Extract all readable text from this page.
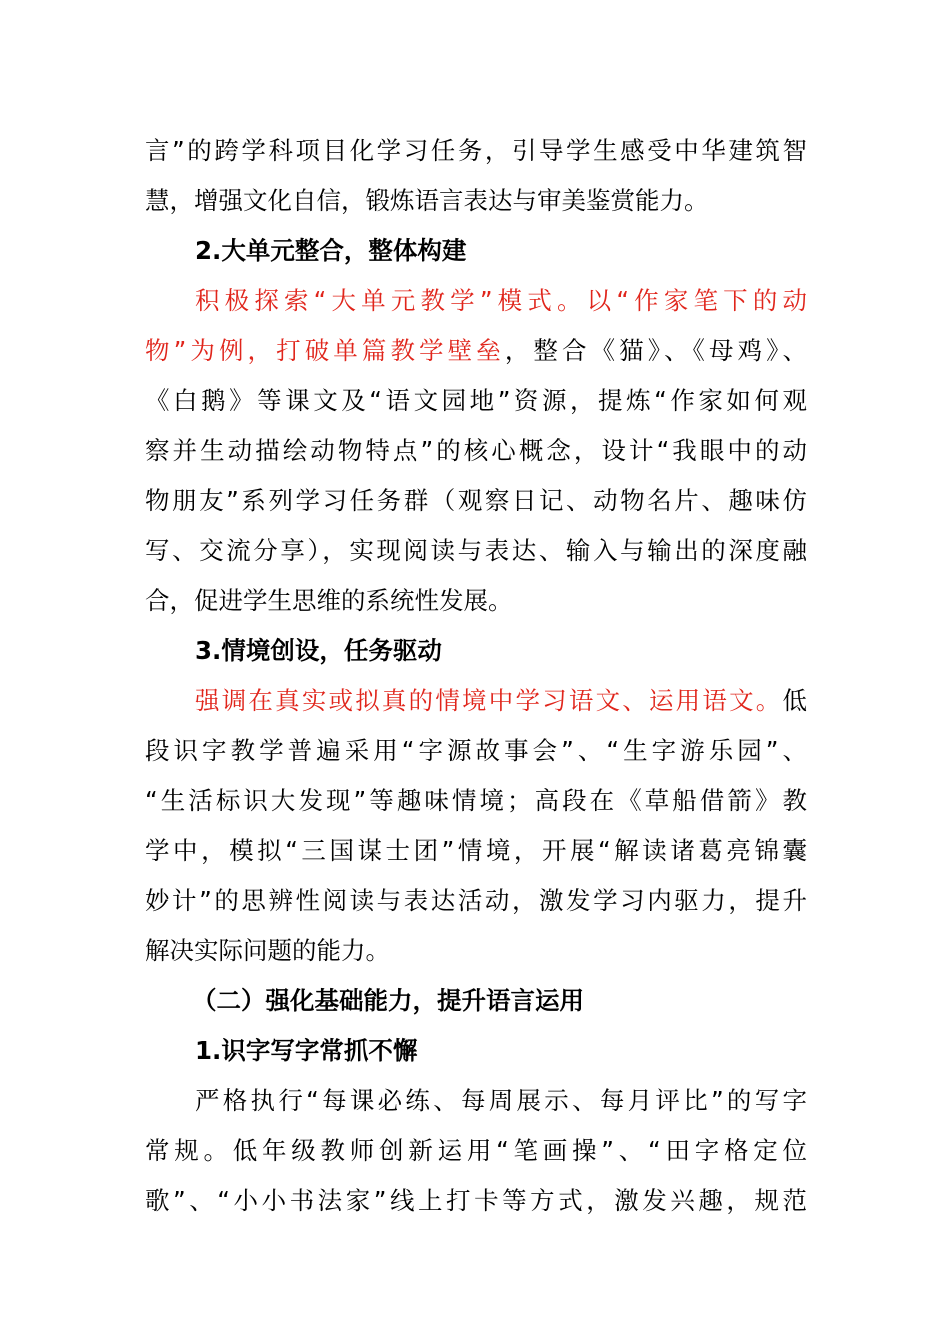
言”的跨学科项目化学习任务，引导学生感受中华建筑智
慧，增强文化自信，锻炼语言表达与审美鉴赏能力。
2.大单元整合，整体构建
积极探索“大单元教学”模式。以“作家笔下的动
物”为例，打破单篇教学壁垒，整合《猫》、《母鸡》、
《白鹅》等课文及“语文园地”资源，提炼“作家如何观
察并生动描绘动物特点”的核心概念，设计“我眼中的动
物朋友”系列学习任务群（观察日记、动物名片、趣味仿
写、交流分享），实现阅读与表达、输入与输出的深度融
合，促进学生思维的系统性发展。
3.情境创设，任务驱动
强调在真实或拟真的情境中学习语文、运用语文。低
段识字教学普遍采用“字源故事会”、“生字游乐园”、
“生活标识大发现”等趣味情境；高段在《草船借箭》教
学中，模拟“三国谋士团”情境，开展“解读诸葛亮锦囊
妙计”的思辨性阅读与表达活动，激发学习内驱力，提升
解决实际问题的能力。
（二）强化基础能力，提升语言运用
1.识字写字常抓不懈
严格执行“每课必练、每周展示、每月评比”的写字
常规。低年级教师创新运用“笔画操”、“田字格定位
歌”、“小小书法家”线上打卡等方式，激发兴趣，规范
